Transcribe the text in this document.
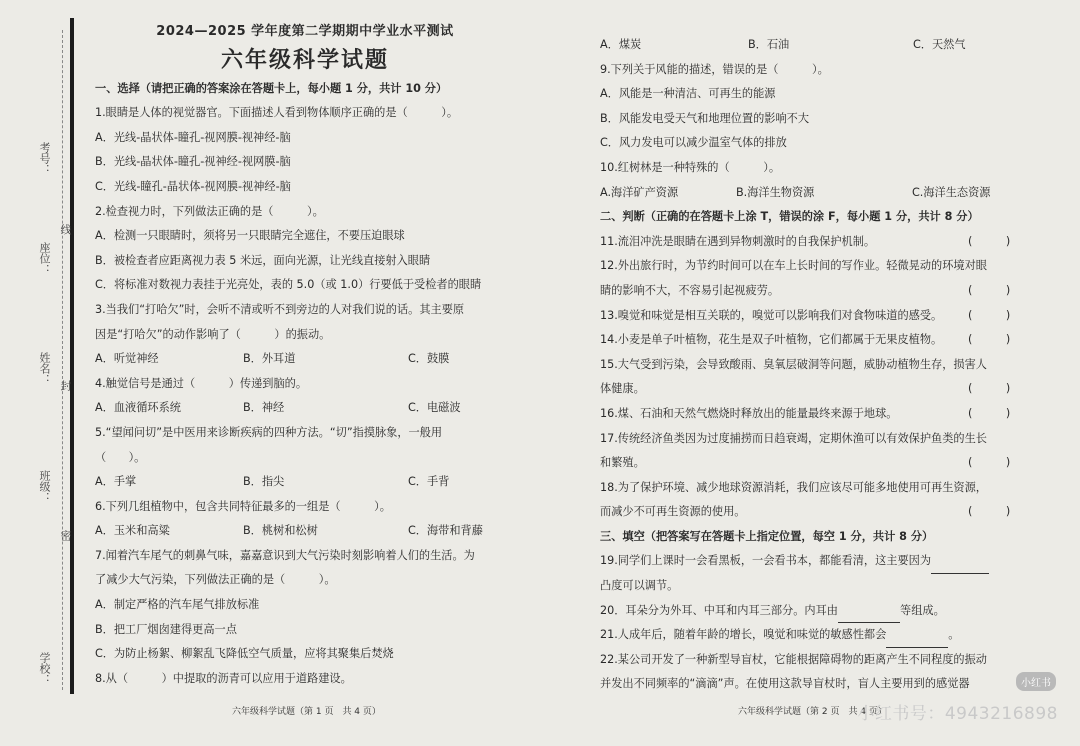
考号：
线
座位：
姓名：
封
班级：
密
学校：
2024—2025 学年度第二学期期中学业水平测试
六年级科学试题
一、选择（请把正确的答案涂在答题卡上，每小题 1 分，共计 10 分）
1.眼睛是人体的视觉器官。下面描述人看到物体顺序正确的是（　　　）。
A．光线-晶状体-瞳孔-视网膜-视神经-脑
B．光线-晶状体-瞳孔-视神经-视网膜-脑
C．光线-瞳孔-晶状体-视网膜-视神经-脑
2.检查视力时，下列做法正确的是（　　　）。
A．检测一只眼睛时，须将另一只眼睛完全遮住，不要压迫眼球
B．被检查者应距离视力表 5 米远，面向光源，让光线直接射入眼睛
C．将标准对数视力表挂于光亮处，表的 5.0（或 1.0）行要低于受检者的眼睛
3.当我们“打哈欠”时，会听不清或听不到旁边的人对我们说的话。其主要原
因是“打哈欠”的动作影响了（　　　）的振动。
A．听觉神经	B．外耳道	C．鼓膜
4.触觉信号是通过（　　　）传递到脑的。
A．血液循环系统	B．神经	C．电磁波
5.“望闻问切”是中医用来诊断疾病的四种方法。“切”指摸脉象，一般用
（　　）。
A．手掌	B．指尖	C．手背
6.下列几组植物中，包含共同特征最多的一组是（　　　）。
A．玉米和高粱	B．桃树和松树	C．海带和背藤
7.闻着汽车尾气的刺鼻气味，嘉嘉意识到大气污染时刻影响着人们的生活。为
了减少大气污染，下列做法正确的是（　　　）。
A．制定严格的汽车尾气排放标准
B．把工厂烟囱建得更高一点
C．为防止杨絮、柳絮乱飞降低空气质量，应将其聚集后焚烧
8.从（　　　）中提取的沥青可以应用于道路建设。
六年级科学试题（第 1 页　共 4 页）
A．煤炭	B．石油	C．天然气
9.下列关于风能的描述，错误的是（　　　）。
A．风能是一种清洁、可再生的能源
B．风能发电受天气和地理位置的影响不大
C．风力发电可以减少温室气体的排放
10.红树林是一种特殊的（　　　）。
A.海洋矿产资源	B.海洋生物资源	C.海洋生态资源
二、判断（正确的在答题卡上涂 T，错误的涂 F，每小题 1 分，共计 8 分）
11.流泪冲洗是眼睛在遇到异物刺激时的自我保护机制。	(　　　)
12.外出旅行时，为节约时间可以在车上长时间的写作业。轻微晃动的环境对眼
睛的影响不大，不容易引起视疲劳。	(　　　)
13.嗅觉和味觉是相互关联的，嗅觉可以影响我们对食物味道的感受。 (　　　)
14.小麦是单子叶植物，花生是双子叶植物，它们都属于无果皮植物。 (　　　)
15.大气受到污染，会导致酸雨、臭氧层破洞等问题，威胁动植物生存，损害人
体健康。	(　　　)
16.煤、石油和天然气燃烧时释放出的能量最终来源于地球。	(　　　)
17.传统经济鱼类因为过度捕捞而日趋衰竭，定期休渔可以有效保护鱼类的生长
和繁殖。	(　　　)
18.为了保护环境、减少地球资源消耗，我们应该尽可能多地使用可再生资源，
而减少不可再生资源的使用。	(　　　)
三、填空（把答案写在答题卡上指定位置，每空 1 分，共计 8 分）
19.同学们上课时一会看黑板，一会看书本，都能看清，这主要因为
凸度可以调节。
20．耳朵分为外耳、中耳和内耳三部分。内耳由	等组成。
21.人成年后，随着年龄的增长，嗅觉和味觉的敏感性都会	。
22.某公司开发了一种新型导盲杖，它能根据障碍物的距离产生不同程度的振动
并发出不同频率的“滴滴”声。在使用这款导盲杖时，盲人主要用到的感觉器
六年级科学试题（第 2 页　共 4 页）
小红书
小红书号：4943216898
